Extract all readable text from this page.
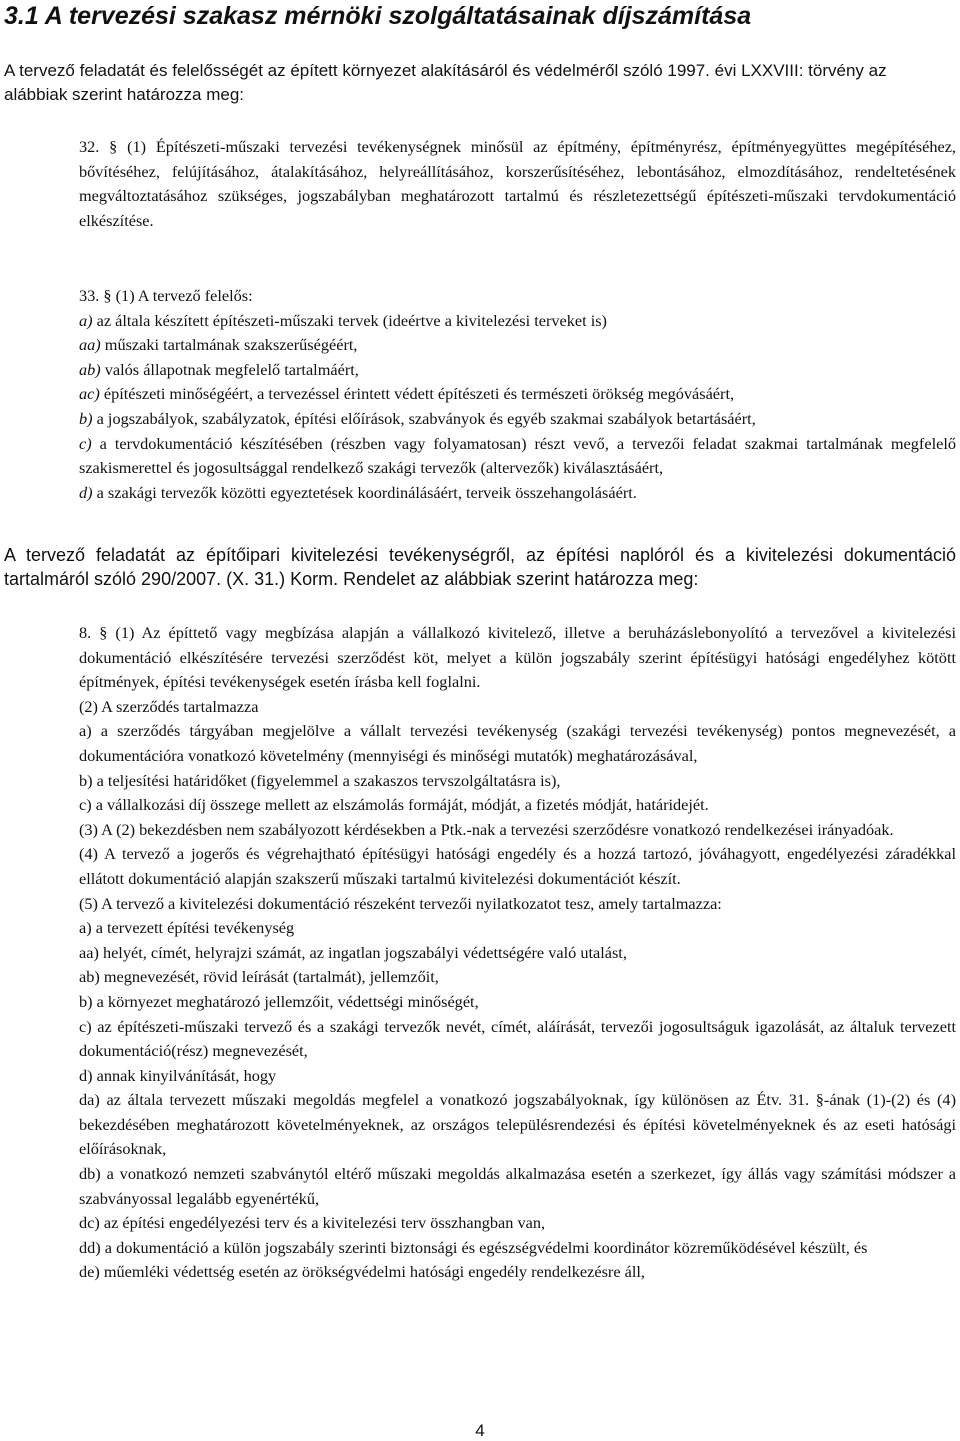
3.1 A tervezési szakasz mérnöki szolgáltatásainak díjszámítása
A tervező feladatát és felelősségét az épített környezet alakításáról és védelméről szóló 1997. évi LXXVIII: törvény az alábbiak szerint határozza meg:
32. § (1) Építészeti-műszaki tervezési tevékenységnek minősül az építmény, építményrész, építményegyüttes megépítéséhez, bővítéséhez, felújításához, átalakításához, helyreállításához, korszerűsítéséhez, lebontásához, elmozdításához, rendeltetésének megváltoztatásához szükséges, jogszabályban meghatározott tartalmú és részletezettségű építészeti-műszaki tervdokumentáció elkészítése.
33. § (1) A tervező felelős:
a) az általa készített építészeti-műszaki tervek (ideértve a kivitelezési terveket is)
aa) műszaki tartalmának szakszerűségéért,
ab) valós állapotnak megfelelő tartalmáért,
ac) építészeti minőségéért, a tervezéssel érintett védett építészeti és természeti örökség megóvásáért,
b) a jogszabályok, szabályzatok, építési előírások, szabványok és egyéb szakmai szabályok betartásáért,
c) a tervdokumentáció készítésében (részben vagy folyamatosan) részt vevő, a tervezői feladat szakmai tartalmának megfelelő szakismerettel és jogosultsággal rendelkező szakági tervezők (altervezők) kiválasztásáért,
d) a szakági tervezők közötti egyeztetések koordinálásáért, terveik összehangolásáért.
A tervező feladatát az építőipari kivitelezési tevékenységről, az építési naplóról és a kivitelezési dokumentáció tartalmáról szóló 290/2007. (X. 31.) Korm. Rendelet az alábbiak szerint határozza meg:

8. § (1) Az építtető vagy megbízása alapján a vállalkozó kivitelező, illetve a beruházáslebonyolító a tervezővel a kivitelezési dokumentáció elkészítésére tervezési szerződést köt, melyet a külön jogszabály szerint építésügyi hatósági engedélyhez kötött építmények, építési tevékenységek esetén írásba kell foglalni.

(2) A szerződés tartalmazza

a) a szerződés tárgyában megjelölve a vállalt tervezési tevékenység (szakági tervezési tevékenység) pontos megnevezését, a dokumentációra vonatkozó követelmény (mennyiségi és minőségi mutatók) meghatározásával,

b) a teljesítési határidőket (figyelemmel a szakaszos tervszolgáltatásra is),

c) a vállalkozási díj összege mellett az elszámolás formáját, módját, a fizetés módját, határidejét.

(3) A (2) bekezdésben nem szabályozott kérdésekben a Ptk.-nak a tervezési szerződésre vonatkozó rendelkezései irányadóak.

(4) A tervező a jogerős és végrehajtható építésügyi hatósági engedély és a hozzá tartozó, jóváhagyott, engedélyezési záradékkal ellátott dokumentáció alapján szakszerű műszaki tartalmú kivitelezési dokumentációt készít.

(5) A tervező a kivitelezési dokumentáció részeként tervezői nyilatkozatot tesz, amely tartalmazza:

a) a tervezett építési tevékenység

aa) helyét, címét, helyrajzi számát, az ingatlan jogszabályi védettségére való utalást,

ab) megnevezését, rövid leírását (tartalmát), jellemzőit,

b) a környezet meghatározó jellemzőit, védettségi minőségét,

c) az építészeti-műszaki tervező és a szakági tervezők nevét, címét, aláírását, tervezői jogosultságuk igazolását, az általuk tervezett dokumentáció(rész) megnevezését,

d) annak kinyilvánítását, hogy

da) az általa tervezett műszaki megoldás megfelel a vonatkozó jogszabályoknak, így különösen az Étv. 31. §-ának (1)-(2) és (4) bekezdésében meghatározott követelményeknek, az országos településrendezési és építési követelményeknek és az eseti hatósági előírásoknak,

db) a vonatkozó nemzeti szabványtól eltérő műszaki megoldás alkalmazása esetén a szerkezet, így állás vagy számítási módszer a szabványossal legalább egyenértékű,

dc) az építési engedélyezési terv és a kivitelezési terv összhangban van,

dd) a dokumentáció a külön jogszabály szerinti biztonsági és egészségvédelmi koordinátor közreműködésével készült, és

de) műemléki védettség esetén az örökségvédelmi hatósági engedély rendelkezésre áll,

4
